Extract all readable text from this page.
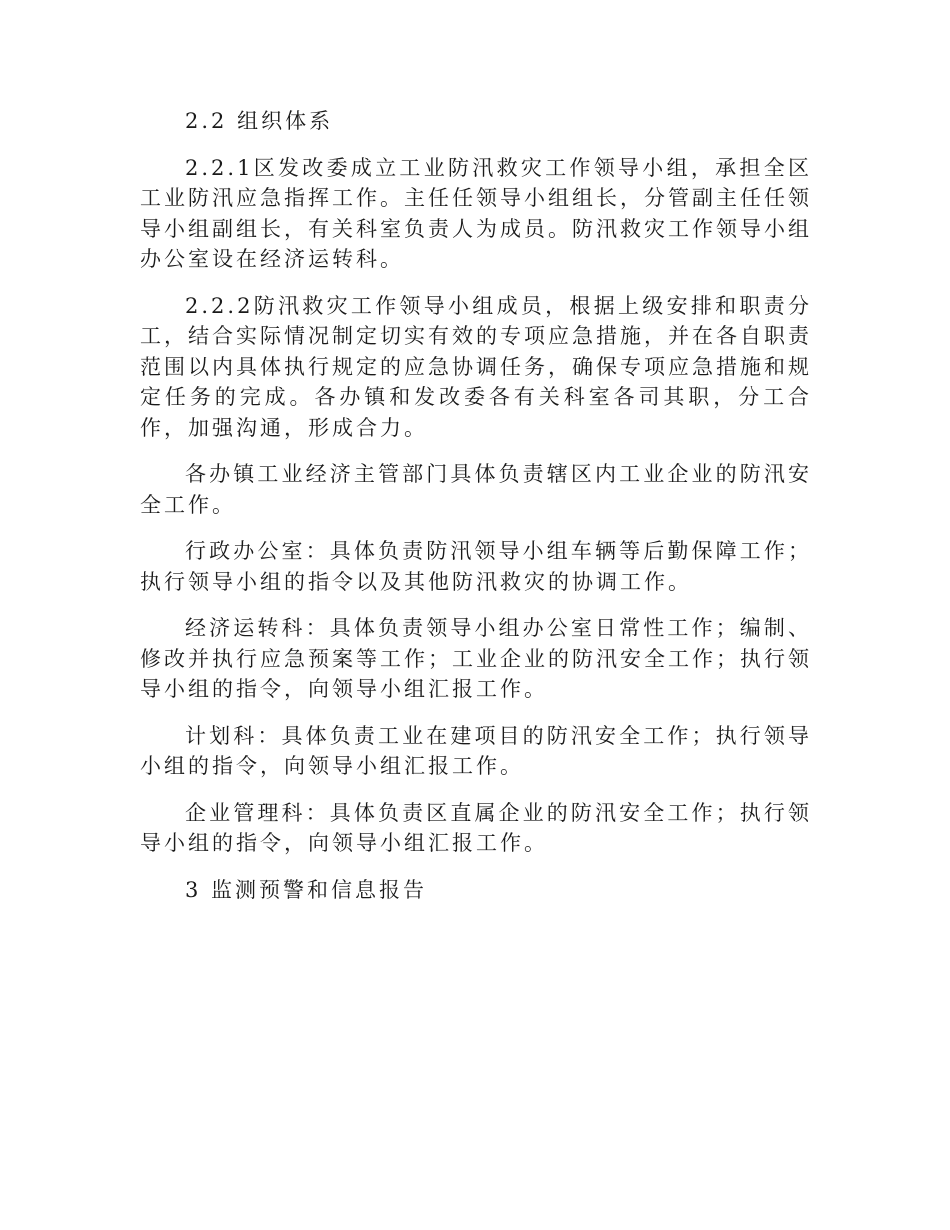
2.2 组织体系

2.2.1区发改委成立工业防汛救灾工作领导小组，承担全区工业防汛应急指挥工作。主任任领导小组组长，分管副主任任领导小组副组长，有关科室负责人为成员。防汛救灾工作领导小组办公室设在经济运转科。

2.2.2防汛救灾工作领导小组成员，根据上级安排和职责分工，结合实际情况制定切实有效的专项应急措施，并在各自职责范围以内具体执行规定的应急协调任务，确保专项应急措施和规定任务的完成。各办镇和发改委各有关科室各司其职，分工合作，加强沟通，形成合力。

各办镇工业经济主管部门具体负责辖区内工业企业的防汛安全工作。

行政办公室：具体负责防汛领导小组车辆等后勤保障工作；执行领导小组的指令以及其他防汛救灾的协调工作。

经济运转科：具体负责领导小组办公室日常性工作；编制、修改并执行应急预案等工作；工业企业的防汛安全工作；执行领导小组的指令，向领导小组汇报工作。

计划科：具体负责工业在建项目的防汛安全工作；执行领导小组的指令，向领导小组汇报工作。

企业管理科：具体负责区直属企业的防汛安全工作；执行领导小组的指令，向领导小组汇报工作。

3 监测预警和信息报告
